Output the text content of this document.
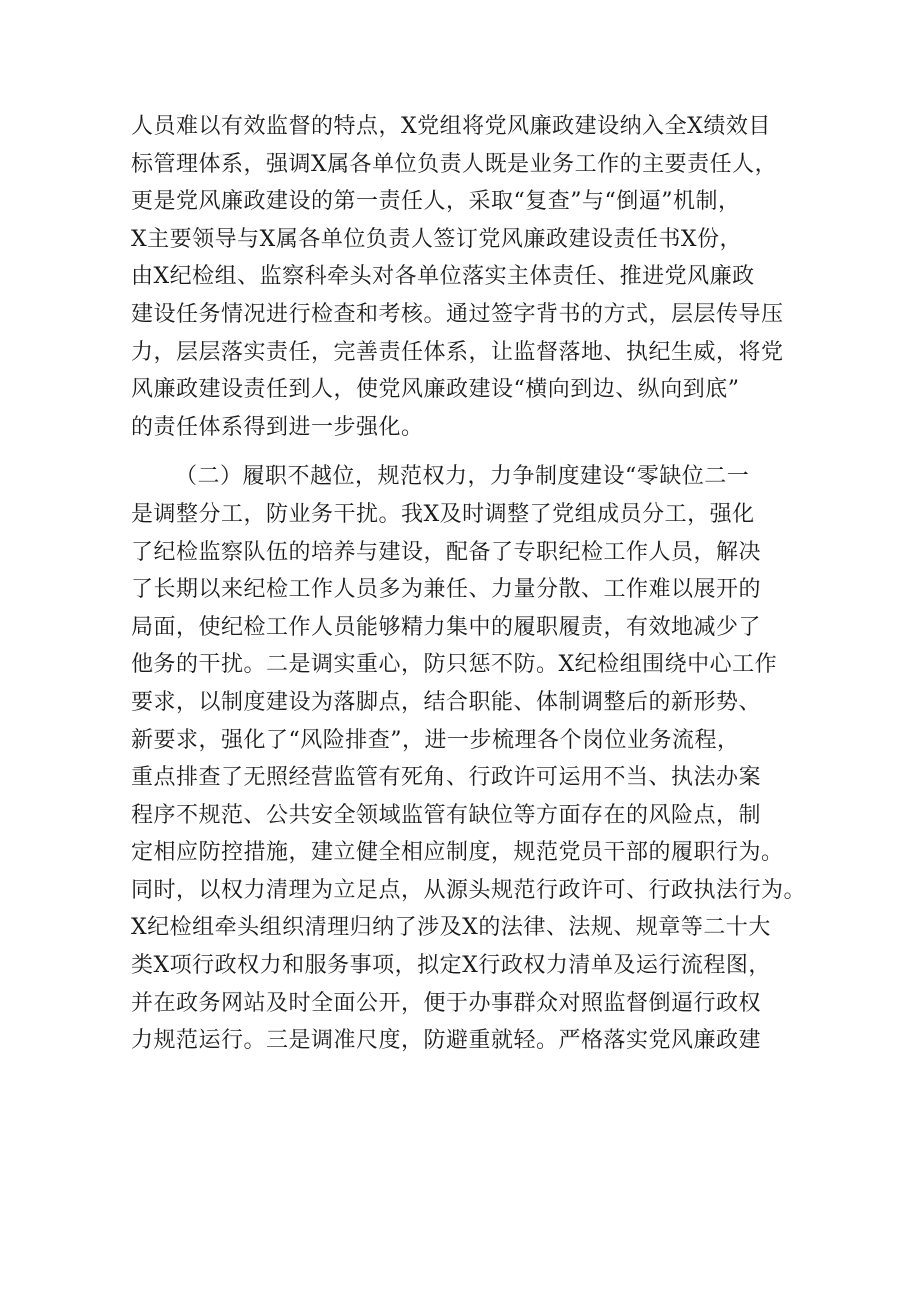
人员难以有效监督的特点，X党组将党风廉政建设纳入全X绩效目
标管理体系，强调X属各单位负责人既是业务工作的主要责任人，
更是党风廉政建设的第一责任人，采取“复查”与“倒逼”机制，
X主要领导与X属各单位负责人签订党风廉政建设责任书X份，
由X纪检组、监察科牵头对各单位落实主体责任、推进党风廉政
建设任务情况进行检查和考核。通过签字背书的方式，层层传导压
力，层层落实责任，完善责任体系，让监督落地、执纪生威，将党
风廉政建设责任到人，使党风廉政建设“横向到边、纵向到底”
的责任体系得到进一步强化。
（二）履职不越位，规范权力，力争制度建设“零缺位二一
是调整分工，防业务干扰。我X及时调整了党组成员分工，强化
了纪检监察队伍的培养与建设，配备了专职纪检工作人员，解决
了长期以来纪检工作人员多为兼任、力量分散、工作难以展开的
局面，使纪检工作人员能够精力集中的履职履责，有效地减少了
他务的干扰。二是调实重心，防只惩不防。X纪检组围绕中心工作
要求，以制度建设为落脚点，结合职能、体制调整后的新形势、
新要求，强化了“风险排查”，进一步梳理各个岗位业务流程，
重点排查了无照经营监管有死角、行政许可运用不当、执法办案
程序不规范、公共安全领域监管有缺位等方面存在的风险点，制
定相应防控措施，建立健全相应制度，规范党员干部的履职行为。
同时，以权力清理为立足点，从源头规范行政许可、行政执法行为。
X纪检组牵头组织清理归纳了涉及X的法律、法规、规章等二十大
类X项行政权力和服务事项，拟定X行政权力清单及运行流程图，
并在政务网站及时全面公开，便于办事群众对照监督倒逼行政权
力规范运行。三是调准尺度，防避重就轻。严格落实党风廉政建
